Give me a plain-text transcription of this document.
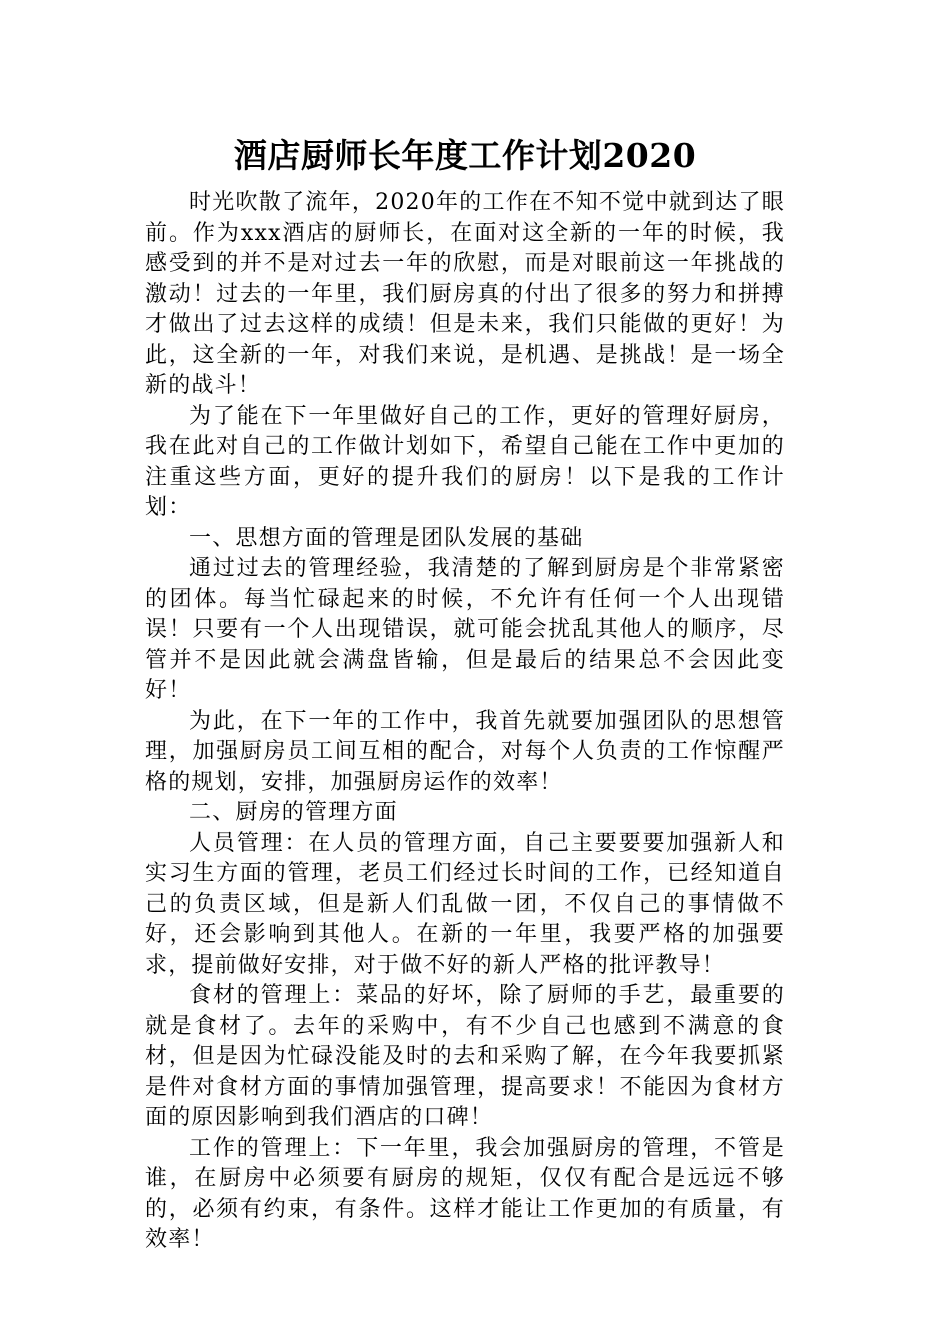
酒店厨师长年度工作计划2020

时光吹散了流年，2020年的工作在不知不觉中就到达了眼前。作为xxx酒店的厨师长，在面对这全新的一年的时候，我感受到的并不是对过去一年的欣慰，而是对眼前这一年挑战的激动！过去的一年里，我们厨房真的付出了很多的努力和拼搏才做出了过去这样的成绩！但是未来，我们只能做的更好！为此，这全新的一年，对我们来说，是机遇、是挑战！是一场全新的战斗！

为了能在下一年里做好自己的工作，更好的管理好厨房，我在此对自己的工作做计划如下，希望自己能在工作中更加的注重这些方面，更好的提升我们的厨房！以下是我的工作计划：

一、思想方面的管理是团队发展的基础

通过过去的管理经验，我清楚的了解到厨房是个非常紧密的团体。每当忙碌起来的时候，不允许有任何一个人出现错误！只要有一个人出现错误，就可能会扰乱其他人的顺序，尽管并不是因此就会满盘皆输，但是最后的结果总不会因此变好！

为此，在下一年的工作中，我首先就要加强团队的思想管理，加强厨房员工间互相的配合，对每个人负责的工作惊醒严格的规划，安排，加强厨房运作的效率！

二、厨房的管理方面

人员管理：在人员的管理方面，自己主要要要加强新人和实习生方面的管理，老员工们经过长时间的工作，已经知道自己的负责区域，但是新人们乱做一团，不仅自己的事情做不好，还会影响到其他人。在新的一年里，我要严格的加强要求，提前做好安排，对于做不好的新人严格的批评教导！

食材的管理上：菜品的好坏，除了厨师的手艺，最重要的就是食材了。去年的采购中，有不少自己也感到不满意的食材，但是因为忙碌没能及时的去和采购了解，在今年我要抓紧是件对食材方面的事情加强管理，提高要求！不能因为食材方面的原因影响到我们酒店的口碑！

工作的管理上：下一年里，我会加强厨房的管理，不管是谁，在厨房中必须要有厨房的规矩，仅仅有配合是远远不够的，必须有约束，有条件。这样才能让工作更加的有质量，有效率！
